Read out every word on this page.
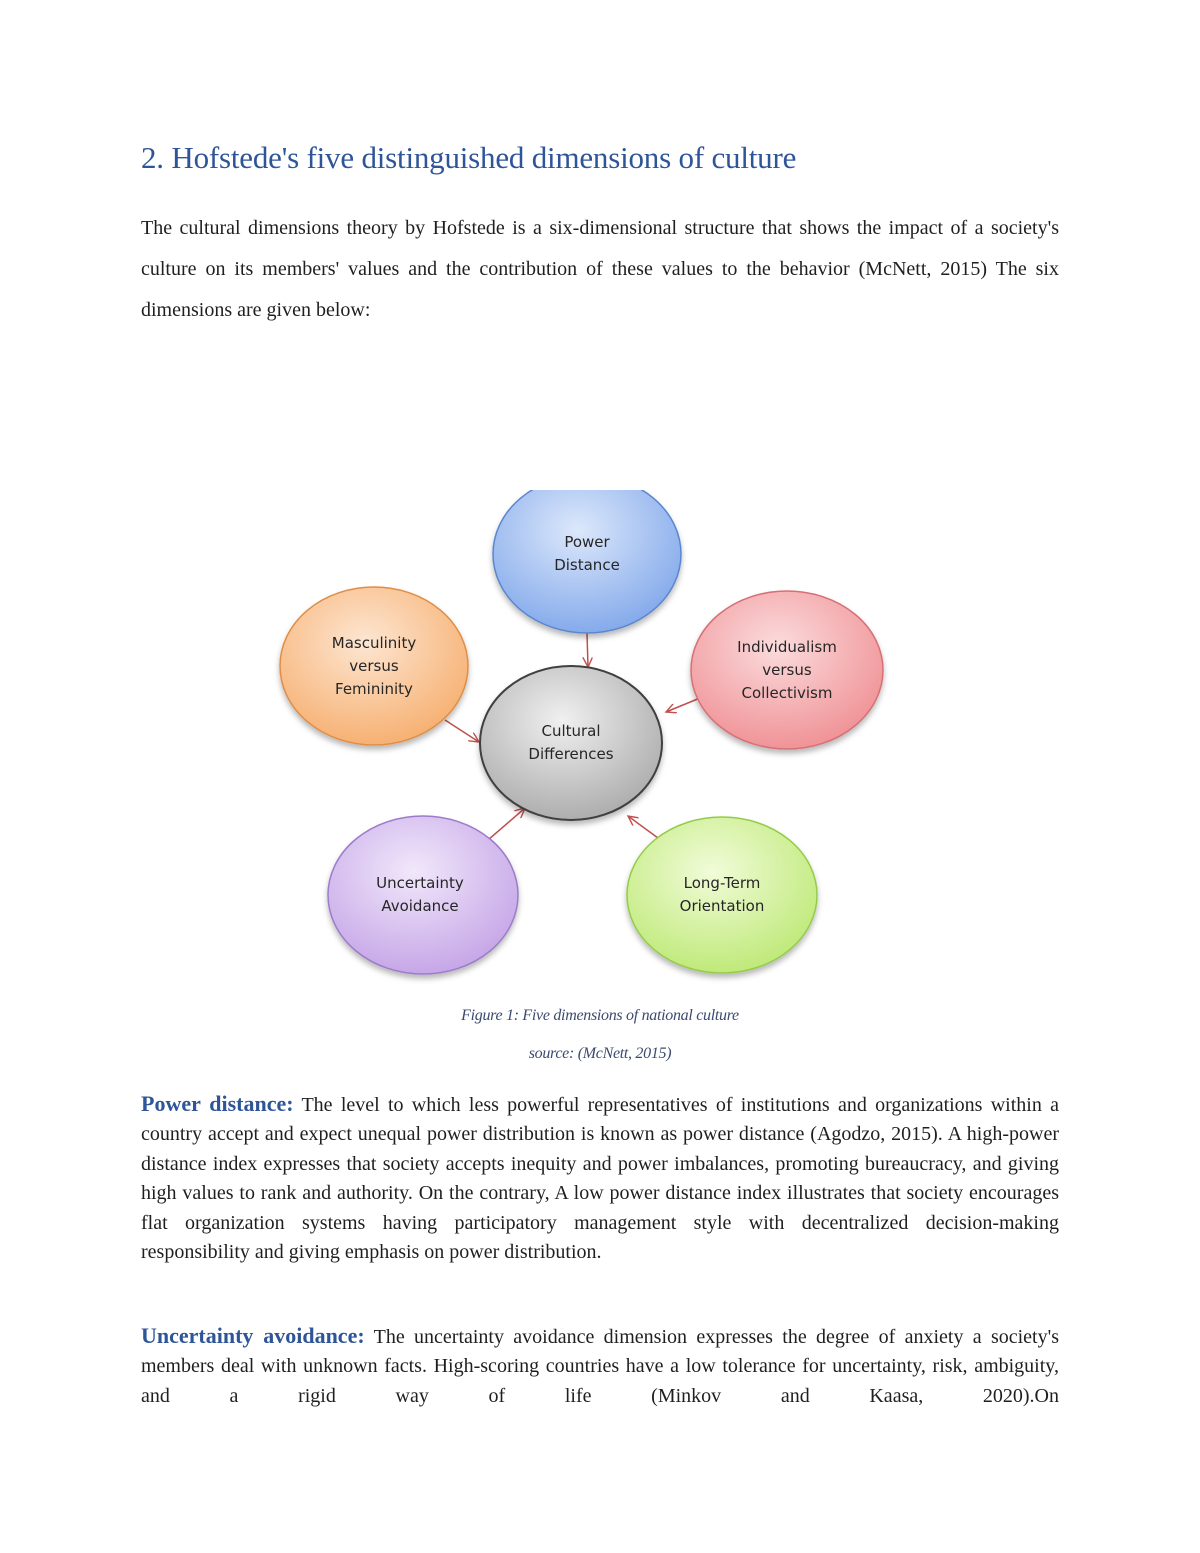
2. Hofstede's five distinguished dimensions of culture

The cultural dimensions theory by Hofstede is a six-dimensional structure that shows the impact of a society's culture on its members' values and the contribution of these values to the behavior (McNett, 2015) The six dimensions are given below:

Power
Distance
Individualism
versus
Collectivism
Long-Term
Orientation
Uncertainty
Avoidance
Masculinity
versus
Femininity
Cultural
Differences

Figure 1: Five dimensions of national culture

source: (McNett, 2015)

Power distance: The level to which less powerful representatives of institutions and organizations within a country accept and expect unequal power distribution is known as power distance (Agodzo, 2015). A high-power distance index expresses that society accepts inequity and power imbalances, promoting bureaucracy, and giving high values to rank and authority. On the contrary, A low power distance index illustrates that society encourages flat organization systems having participatory management style with decentralized decision-making responsibility and giving emphasis on power distribution.

Uncertainty avoidance: The uncertainty avoidance dimension expresses the degree of anxiety a society's members deal with unknown facts. High-scoring countries have a low tolerance for uncertainty, risk, ambiguity, and a rigid way of life (Minkov and Kaasa, 2020).On
